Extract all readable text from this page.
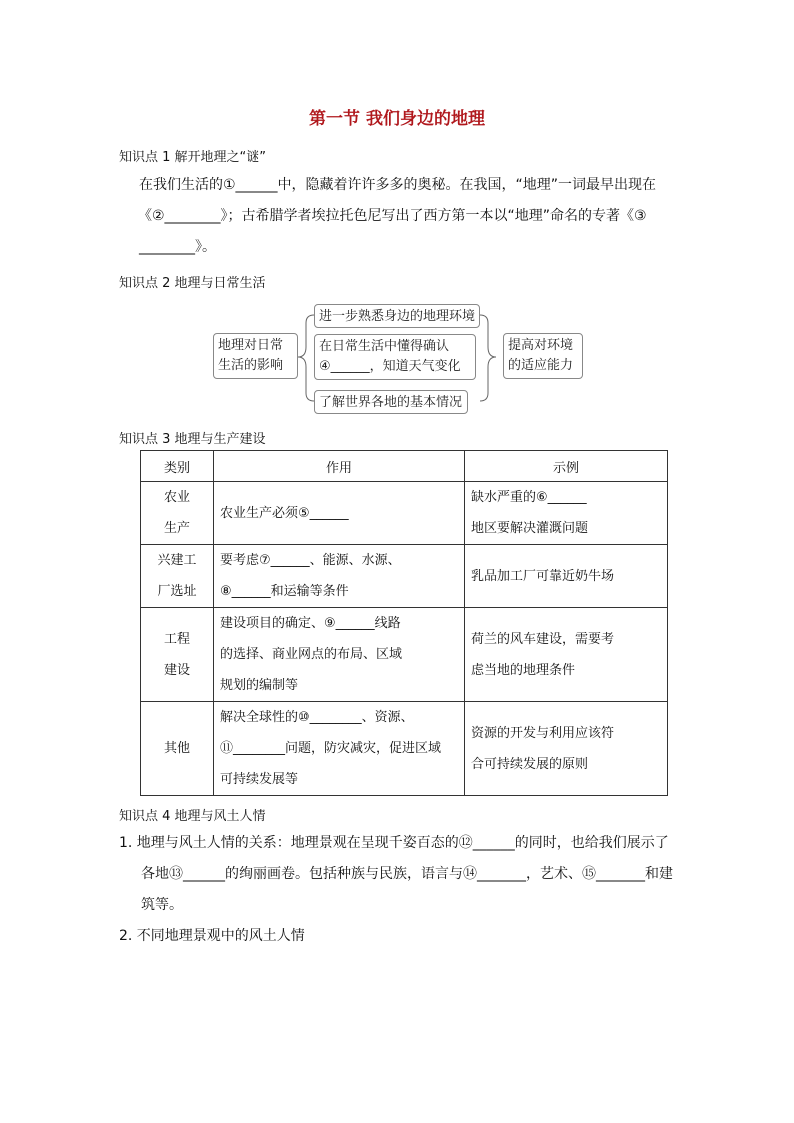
第一节 我们身边的地理
知识点 1 解开地理之“谜”
在我们生活的①______中，隐藏着许许多多的奥秘。在我国，“地理”一词最早出现在
《②________》；古希腊学者埃拉托色尼写出了西方第一本以“地理”命名的专著《③
________》。
知识点 2 地理与日常生活
地理对日常
生活的影响
进一步熟悉身边的地理环境
在日常生活中懂得确认
④______，知道天气变化
了解世界各地的基本情况
提高对环境
的适应能力
知识点 3 地理与生产建设
类别	作用	示例

农业
生产	农业生产必须⑤______	缺水严重的⑥______
地区要解决灌溉问题

兴建工
厂选址	要考虑⑦______、能源、水源、
⑧______和运输等条件	乳品加工厂可靠近奶牛场

工程
建设	建设项目的确定、⑨______线路
的选择、商业网点的布局、区域
规划的编制等	荷兰的风车建设，需要考
虑当地的地理条件

其他	解决全球性的⑩________、资源、
⑪________问题，防灾减灾，促进区域
可持续发展等	资源的开发与利用应该符
合可持续发展的原则
知识点 4 地理与风土人情
1. 地理与风土人情的关系：地理景观在呈现千姿百态的⑫______的同时，也给我们展示了
各地⑬______的绚丽画卷。包括种族与民族，语言与⑭_______，艺术、⑮_______和建
筑等。
2. 不同地理景观中的风土人情
